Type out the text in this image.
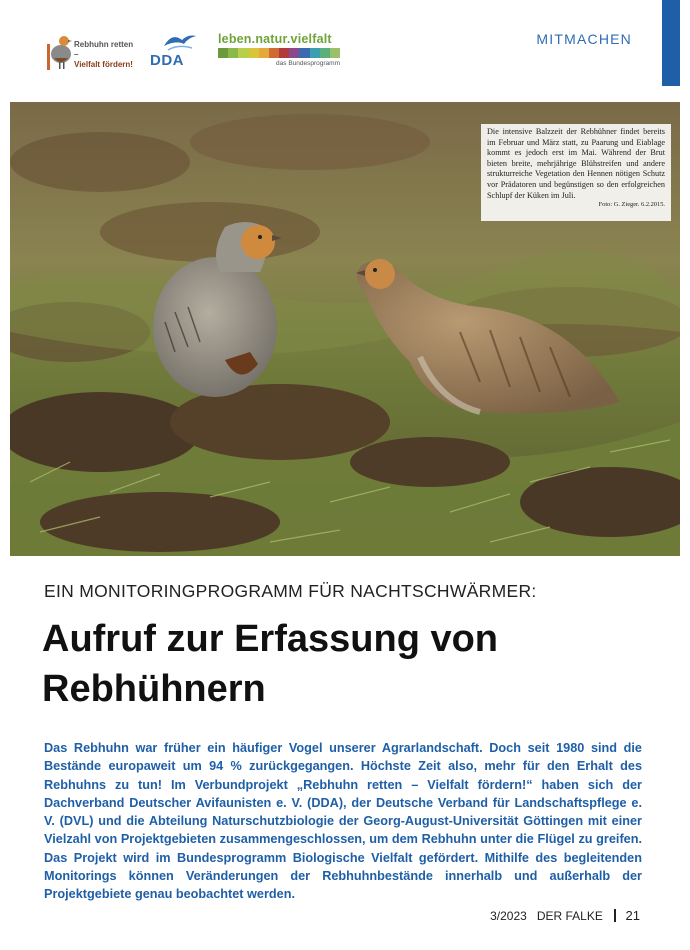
Rebhuhn retten –
Vielfalt fördern! DDA
leben.natur.vielfalt
das Bundesprogramm
MITMACHEN
Die intensive Balzzeit der Rebhühner findet bereits im Februar und März statt, zu Paarung und Eiablage kommt es jedoch erst im Mai. Während der Brut bieten breite, mehrjährige Blühstreifen und andere strukturreiche Vegetation den Hennen nötigen Schutz vor Prädatoren und begünstigen so den erfolgreichen Schlupf der Küken im Juli.
Foto: G. Zieger. 6.2.2015.
EIN MONITORINGPROGRAMM FÜR NACHTSCHWÄRMER:
Aufruf zur Erfassung von Rebhühnern

Das Rebhuhn war früher ein häufiger Vogel unserer Agrarlandschaft. Doch seit 1980 sind die Bestände europaweit um 94 % zurückgegangen. Höchste Zeit also, mehr für den Erhalt des Rebhuhns zu tun! Im Verbundprojekt „Rebhuhn retten – Vielfalt fördern!“ haben sich der Dachverband Deutscher Avifaunisten e. V. (DDA), der Deutsche Verband für Landschaftspflege e. V. (DVL) und die Abteilung Naturschutzbiologie der Georg-August-Universität Göttingen mit einer Vielzahl von Projektgebieten zusammengeschlossen, um dem Rebhuhn unter die Flügel zu greifen. Das Projekt wird im Bundesprogramm Biologische Vielfalt gefördert. Mithilfe des begleitenden Monitorings können Veränderungen der Rebhuhnbestände innerhalb und außerhalb der Projektgebiete genau beobachtet werden.

3/2023 DER FALKE 21
